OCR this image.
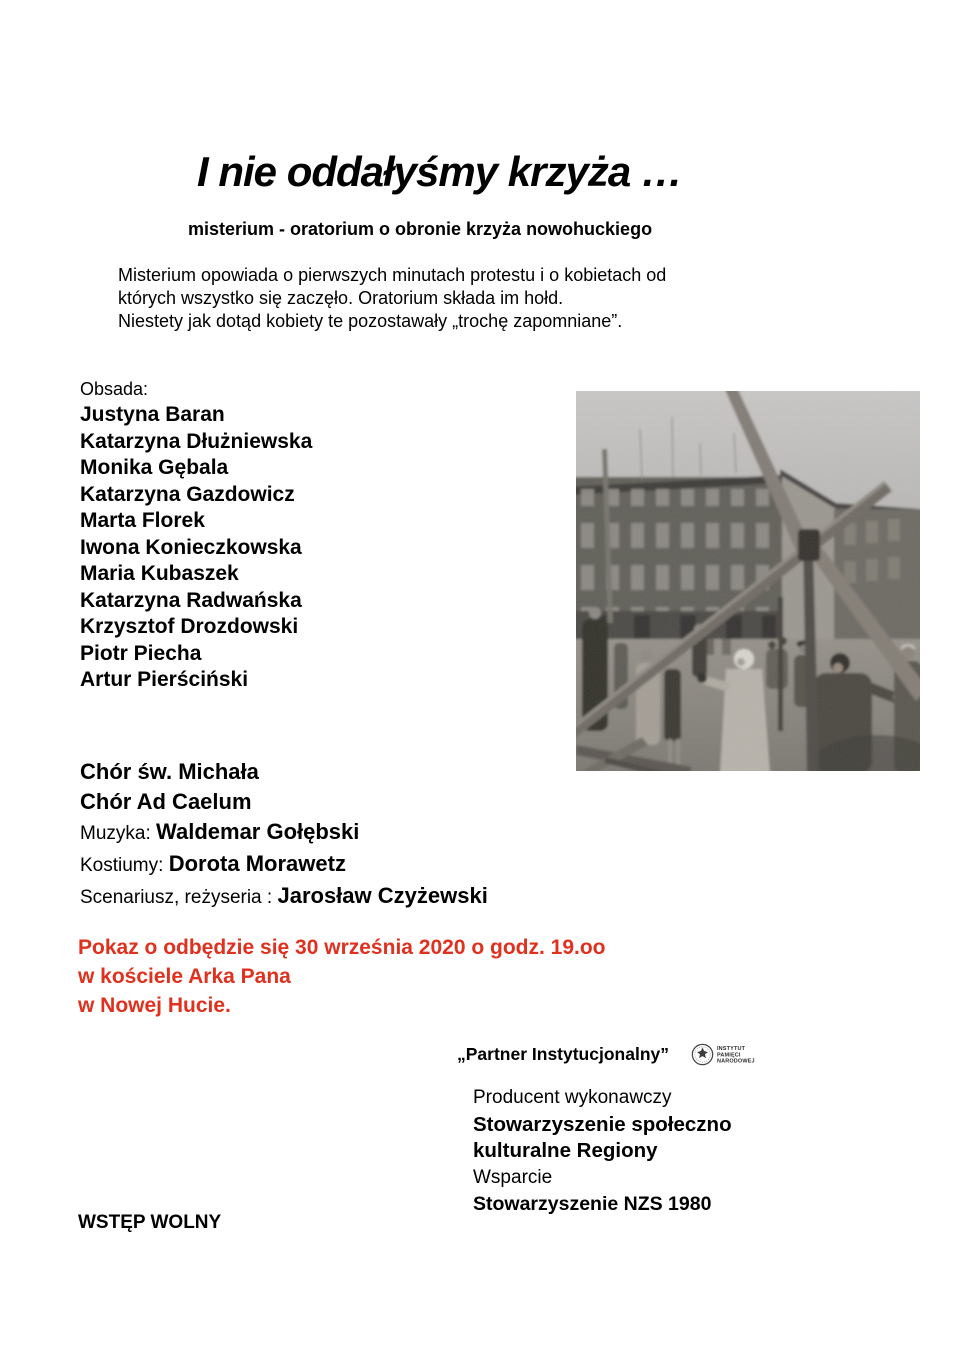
I nie oddałyśmy krzyża …
misterium - oratorium o obronie krzyża nowohuckiego
Misterium opowiada o pierwszych minutach protestu i o kobietach od
których wszystko się zaczęło. Oratorium składa im hołd.
Niestety jak dotąd kobiety te pozostawały „trochę zapomniane”.
Obsada:
Justyna Baran
Katarzyna Dłużniewska
Monika Gębala
Katarzyna Gazdowicz
Marta Florek
Iwona Konieczkowska
Maria Kubaszek
Katarzyna Radwańska
Krzysztof Drozdowski
Piotr Piecha
Artur Pierściński
Chór św. Michała
Chór Ad Caelum
Muzyka: Waldemar Gołębski
Kostiumy: Dorota Morawetz
Scenariusz, reżyseria : Jarosław Czyżewski
Pokaz o odbędzie się 30 września 2020 o godz. 19.oo
w kościele Arka Pana
w Nowej Hucie.
„Partner Instytucjonalny”	INSTYTUT
PAMIĘCI
NARODOWEJ
Producent wykonawczy
Stowarzyszenie społeczno
kulturalne Regiony
Wsparcie
Stowarzyszenie NZS 1980
WSTĘP WOLNY
